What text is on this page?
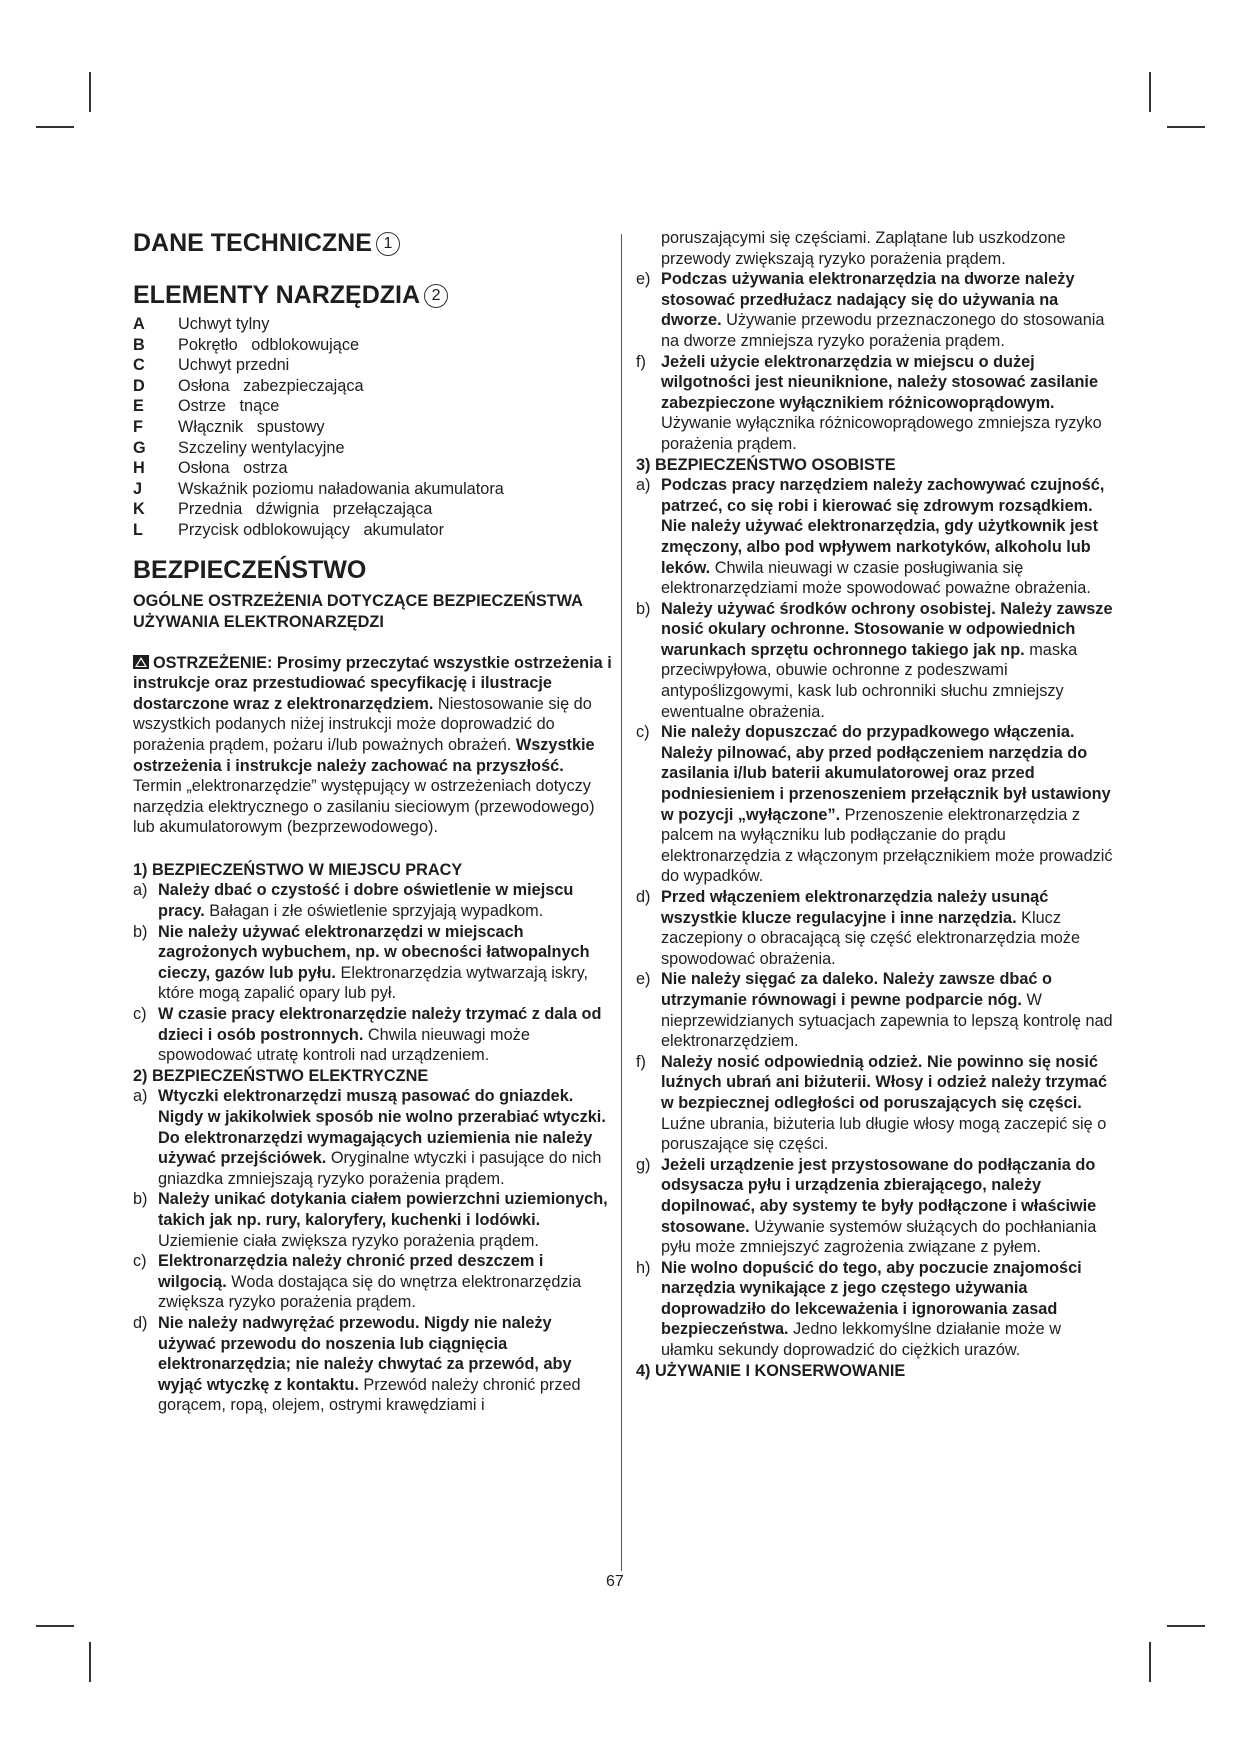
DANE TECHNICZNE 1
ELEMENTY NARZĘDZIA 2
A	Uchwyt tylny
B	Pokrętło   odblokowujące
C	Uchwyt przedni
D	Osłona   zabezpieczająca
E	Ostrze   tnące
F	Włącznik   spustowy
G	Szczeliny wentylacyjne
H	Osłona   ostrza
J	Wskaźnik poziomu naładowania akumulatora
K	Przednia   dźwignia   przełączająca
L	Przycisk odblokowujący   akumulator
BEZPIECZEŃSTWO
OGÓLNE OSTRZEŻENIA DOTYCZĄCE BEZPIECZEŃSTWA UŻYWANIA ELEKTRONARZĘDZI

OSTRZEŻENIE: Prosimy przeczytać wszystkie ostrzeżenia i instrukcje oraz przestudiować specyfikację i ilustracje dostarczone wraz z elektronarzędziem. Niestosowanie się do wszystkich podanych niżej instrukcji może doprowadzić do porażenia prądem, pożaru i/lub poważnych obrażeń. Wszystkie ostrzeżenia i instrukcje należy zachować na przyszłość. Termin „elektronarzędzie” występujący w ostrzeżeniach dotyczy narzędzia elektrycznego o zasilaniu sieciowym (przewodowego) lub akumulatorowym (bezprzewodowego).

1) BEZPIECZEŃSTWO W MIEJSCU PRACY
a) Należy dbać o czystość i dobre oświetlenie w miejscu pracy. Bałagan i złe oświetlenie sprzyjają wypadkom.
b) Nie należy używać elektronarzędzi w miejscach zagrożonych wybuchem, np. w obecności łatwopalnych cieczy, gazów lub pyłu. Elektronarzędzia wytwarzają iskry, które mogą zapalić opary lub pył.
c) W czasie pracy elektronarzędzie należy trzymać z dala od dzieci i osób postronnych. Chwila nieuwagi może spowodować utratę kontroli nad urządzeniem.
2) BEZPIECZEŃSTWO ELEKTRYCZNE
a) Wtyczki elektronarzędzi muszą pasować do gniazdek. Nigdy w jakikolwiek sposób nie wolno przerabiać wtyczki. Do elektronarzędzi wymagających uziemienia nie należy używać przejściówek. Oryginalne wtyczki i pasujące do nich gniazdka zmniejszają ryzyko porażenia prądem.
b) Należy unikać dotykania ciałem powierzchni uziemionych, takich jak np. rury, kaloryfery, kuchenki i lodówki. Uziemienie ciała zwiększa ryzyko porażenia prądem.
c) Elektronarzędzia należy chronić przed deszczem i wilgocią. Woda dostająca się do wnętrza elektronarzędzia zwiększa ryzyko porażenia prądem.
d) Nie należy nadwyrężać przewodu. Nigdy nie należy używać przewodu do noszenia lub ciągnięcia elektronarzędzia; nie należy chwytać za przewód, aby wyjąć wtyczkę z kontaktu. Przewód należy chronić przed gorącem, ropą, olejem, ostrymi krawędziami i
poruszającymi się częściami. Zaplątane lub uszkodzone przewody zwiększają ryzyko porażenia prądem.
e) Podczas używania elektronarzędzia na dworze należy stosować przedłużacz nadający się do używania na dworze. Używanie przewodu przeznaczonego do stosowania na dworze zmniejsza ryzyko porażenia prądem.
f) Jeżeli użycie elektronarzędzia w miejscu o dużej wilgotności jest nieuniknione, należy stosować zasilanie zabezpieczone wyłącznikiem różnicowoprądowym. Używanie wyłącznika różnicowoprądowego zmniejsza ryzyko porażenia prądem.
3) BEZPIECZEŃSTWO OSOBISTE
a) Podczas pracy narzędziem należy zachowywać czujność, patrzeć, co się robi i kierować się zdrowym rozsądkiem. Nie należy używać elektronarzędzia, gdy użytkownik jest zmęczony, albo pod wpływem narkotyków, alkoholu lub leków. Chwila nieuwagi w czasie posługiwania się elektronarzędziami może spowodować poważne obrażenia.
b) Należy używać środków ochrony osobistej. Należy zawsze nosić okulary ochronne. Stosowanie w odpowiednich warunkach sprzętu ochronnego takiego jak np. maska przeciwpyłowa, obuwie ochronne z podeszwami antypoślizgowymi, kask lub ochronniki słuchu zmniejszy ewentualne obrażenia.
c) Nie należy dopuszczać do przypadkowego włączenia. Należy pilnować, aby przed podłączeniem narzędzia do zasilania i/lub baterii akumulatorowej oraz przed podniesieniem i przenoszeniem przełącznik był ustawiony w pozycji „wyłączone”. Przenoszenie elektronarzędzia z palcem na wyłączniku lub podłączanie do prądu elektronarzędzia z włączonym przełącznikiem może prowadzić do wypadków.
d) Przed włączeniem elektronarzędzia należy usunąć wszystkie klucze regulacyjne i inne narzędzia. Klucz zaczepiony o obracającą się część elektronarzędzia może spowodować obrażenia.
e) Nie należy sięgać za daleko. Należy zawsze dbać o utrzymanie równowagi i pewne podparcie nóg. W nieprzewidzianych sytuacjach zapewnia to lepszą kontrolę nad elektronarzędziem.
f) Należy nosić odpowiednią odzież. Nie powinno się nosić luźnych ubrań ani biżuterii. Włosy i odzież należy trzymać w bezpiecznej odległości od poruszających się części. Luźne ubrania, biżuteria lub długie włosy mogą zaczepić się o poruszające się części.
g) Jeżeli urządzenie jest przystosowane do podłączania do odsysacza pyłu i urządzenia zbierającego, należy dopilnować, aby systemy te były podłączone i właściwie stosowane. Używanie systemów służących do pochłaniania pyłu może zmniejszyć zagrożenia związane z pyłem.
h) Nie wolno dopuścić do tego, aby poczucie znajomości narzędzia wynikające z jego częstego używania doprowadziło do lekceważenia i ignorowania zasad bezpieczeństwa. Jedno lekkomyślne działanie może w ułamku sekundy doprowadzić do ciężkich urazów.
4) UŻYWANIE I KONSERWOWANIE
67
